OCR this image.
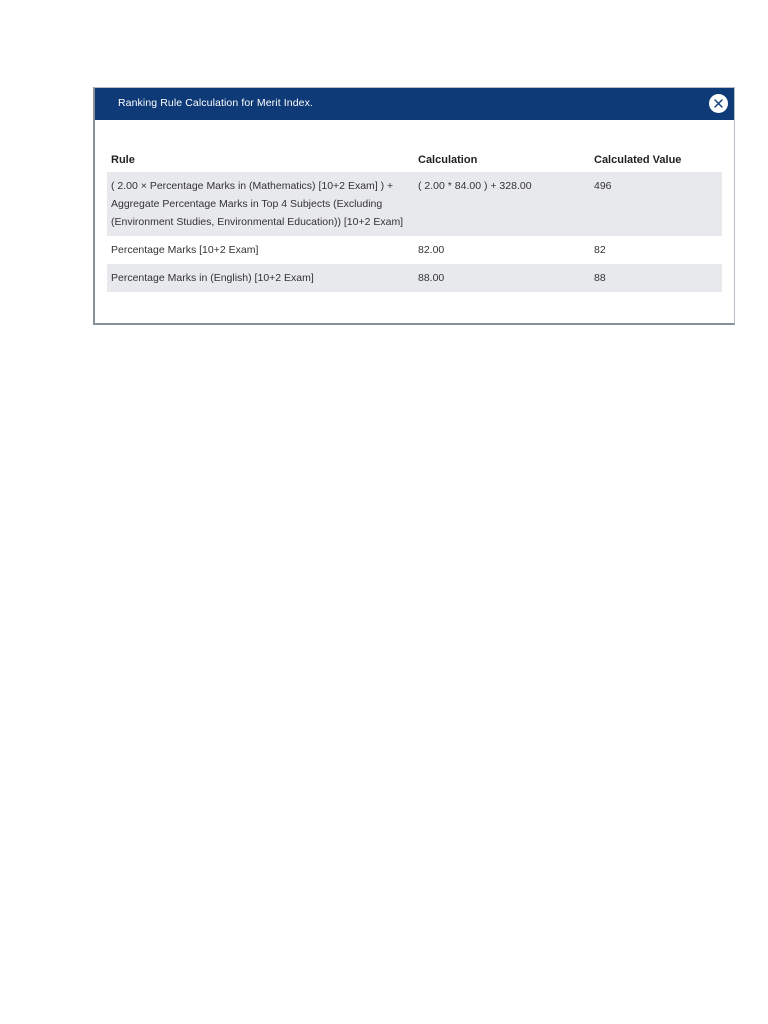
Ranking Rule Calculation for Merit Index.
Rule	Calculation	Calculated Value
( 2.00 × Percentage Marks in (Mathematics) [10+2 Exam] ) + Aggregate Percentage Marks in Top 4 Subjects (Excluding (Environment Studies, Environmental Education)) [10+2 Exam]	( 2.00 * 84.00 ) + 328.00	496
Percentage Marks [10+2 Exam]	82.00	82
Percentage Marks in (English) [10+2 Exam]	88.00	88
